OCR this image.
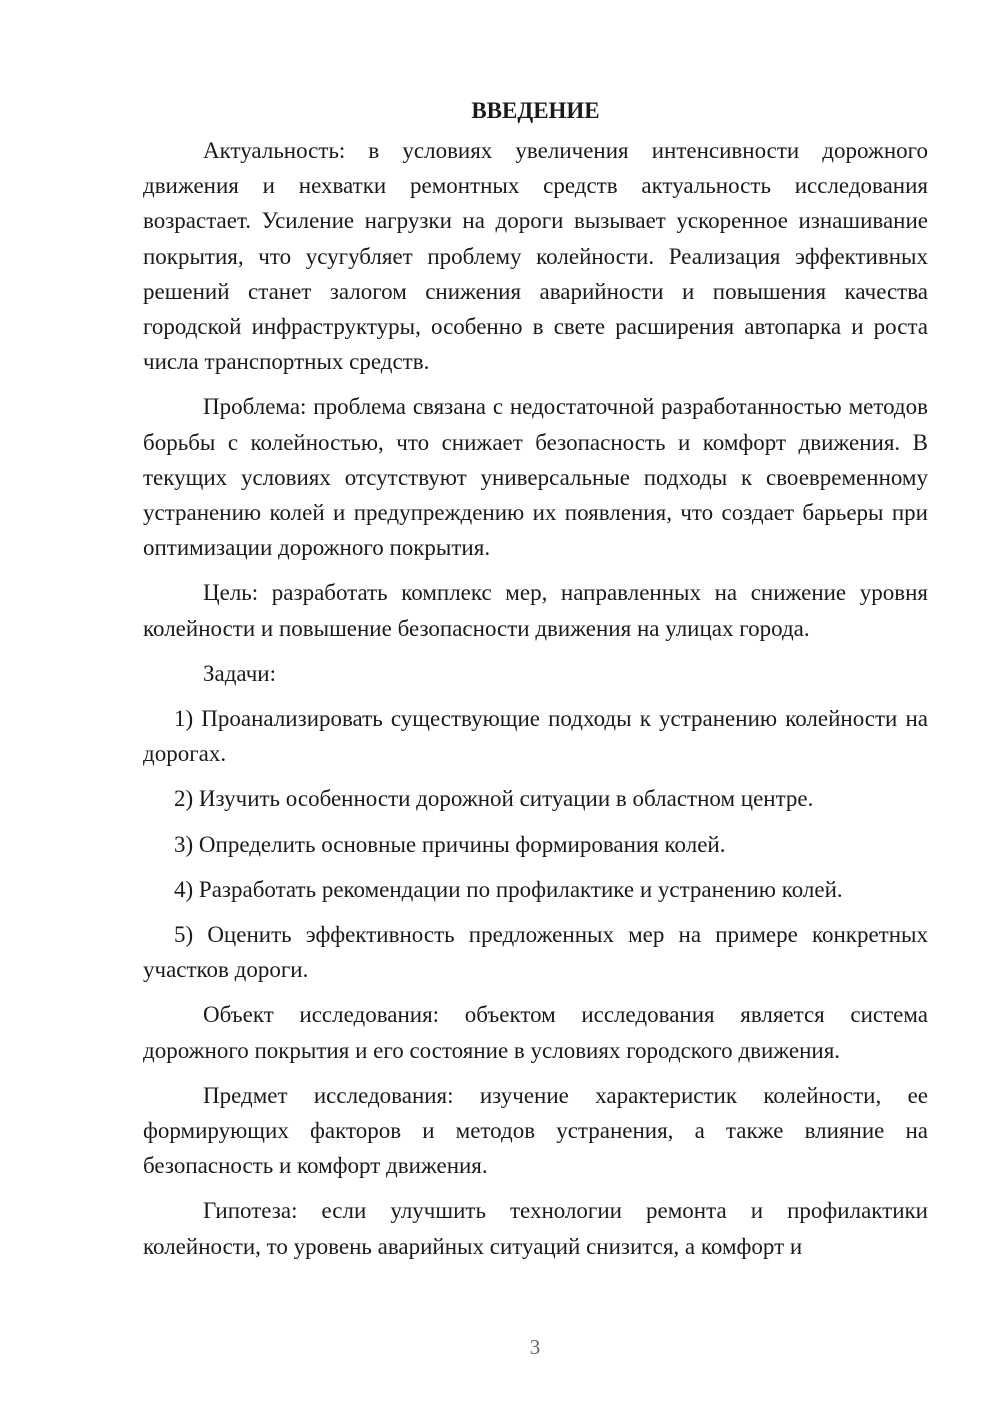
ВВЕДЕНИЕ

Актуальность: в условиях увеличения интенсивности дорожного движения и нехватки ремонтных средств актуальность исследования возрастает. Усиление нагрузки на дороги вызывает ускоренное изнашивание покрытия, что усугубляет проблему колейности. Реализация эффективных решений станет залогом снижения аварийности и повышения качества городской инфраструктуры, особенно в свете расширения автопарка и роста числа транспортных средств.

Проблема: проблема связана с недостаточной разработанностью методов борьбы с колейностью, что снижает безопасность и комфорт движения. В текущих условиях отсутствуют универсальные подходы к своевременному устранению колей и предупреждению их появления, что создает барьеры при оптимизации дорожного покрытия.

Цель: разработать комплекс мер, направленных на снижение уровня колейности и повышение безопасности движения на улицах города.

Задачи:

1) Проанализировать существующие подходы к устранению колейности на дорогах.

2) Изучить особенности дорожной ситуации в областном центре.

3) Определить основные причины формирования колей.

4) Разработать рекомендации по профилактике и устранению колей.

5) Оценить эффективность предложенных мер на примере конкретных участков дороги.

Объект исследования: объектом исследования является система дорожного покрытия и его состояние в условиях городского движения.

Предмет исследования: изучение характеристик колейности, ее формирующих факторов и методов устранения, а также влияние на безопасность и комфорт движения.

Гипотеза: если улучшить технологии ремонта и профилактики колейности, то уровень аварийных ситуаций снизится, а комфорт и

3
